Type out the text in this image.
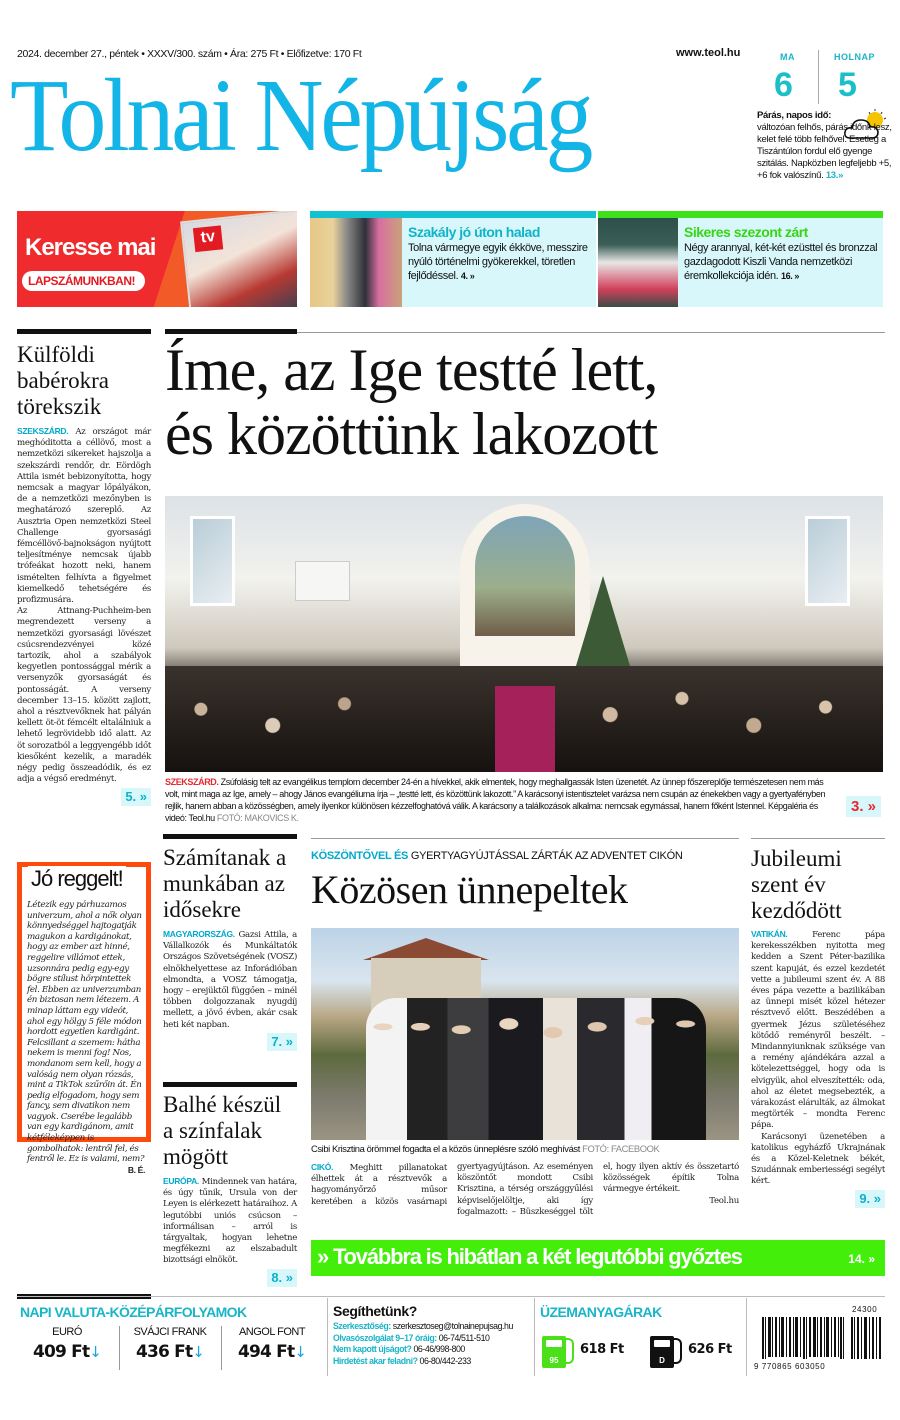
2024. december 27., péntek • XXXV/300. szám • Ára: 275 Ft • Előfizetve: 170 Ft	www.teol.hu
Tolnai Népújság
MA
6
HOLNAP
5
Párás, napos idő:
változóan felhős, párás időnk lesz, kelet felé több felhővel. Esetleg a Tiszántúlon fordul elő gyenge szitálás. Napközben legfeljebb +5, +6 fok valószínű. 13.»
tv
Keresse mai
LAPSZÁMUNKBAN!
Szakály jó úton halad
Tolna vármegye egyik ékköve, messzire nyúló történelmi gyökerekkel, töretlen fejlődéssel. 4. »
Sikeres szezont zárt
Négy arannyal, két-két ezüsttel és bronzzal gazdagodott Kiszli Vanda nemzetközi éremkollekciója idén. 16. »
Külföldi babérokra törekszik
SZEKSZÁRD. Az országot már meghóditotta a céllövő, most a nemzetközi sikereket hajszolja a szekszárdi rendőr, dr. Eördögh Attila ismét bebizonyította, hogy nemcsak a magyar lőpályákon, de a nemzetközi mezőnyben is meghatározó szereplő. Az Ausztria Open nemzetközi Steel Challenge gyorsasági fémcéllövő-bajnokságon nyújtott teljesítménye nemcsak újabb trófeákat hozott neki, hanem ismételten felhívta a figyelmet kiemelkedő tehetségére és profizmusára.
Az Attnang-Puchheim-ben megrendezett verseny a nemzetközi gyorsasági lövészet csúcsrendezvényei közé tartozik, ahol a szabályok kegyetlen pontossággal mérik a versenyzők gyorsaságát és pontosságát. A verseny december 13–15. között zajlott, ahol a résztvevőknek hat pályán kellett öt-öt fémcélt eltalálniuk a lehető legrövidebb idő alatt. Az öt sorozatból a leggyengébb időt kiesőként kezelik, a maradék négy pedig összeadódik, és ez adja a végső eredményt.
5. »
Íme, az Ige testté lett,
és közöttünk lakozott
SZEKSZÁRD. Zsúfolásig telt az evangélikus templom december 24-én a hívekkel, akik elmentek, hogy meghallgassák Isten üzenetét. Az ünnep főszereplője természetesen nem más volt, mint maga az Ige, amely – ahogy János evangéliuma írja – „testté lett, és közöttünk lakozott.” A karácsonyi istentisztelet varázsa nem csupán az énekekben vagy a gyertyafényben rejlik, hanem abban a közösségben, amely ilyenkor különösen kézzelfoghatóvá válik. A karácsony a találkozások alkalma: nemcsak egymással, hanem főként Istennel. Képgaléria és videó: Teol.hu FOTÓ: MAKOVICS K.
3. »
Jó reggelt!
Létezik egy párhuzamos univerzum, ahol a nők olyan könnyedséggel hajtogatják magukon a kardigánokat, hogy az ember azt hinné, reggelire villámot ettek, uzsonnára pedig egy-egy bögre stílust hörpintettek fel. Ebben az univerzumban én biztosan nem létezem. A minap láttam egy videót, ahol egy hölgy 5 féle módon hordott egyetlen kardigánt. Felcsillant a szemem: hátha nekem is menni fog! Nos, mondanom sem kell, hogy a valóság nem olyan rózsás, mint a TikTok szűrőin át. Én pedig elfogadom, hogy sem fancy, sem divatikon nem vagyok. Cserébe legalább van egy kardigánom, amit kétféleképpen is gombolhatok: lentről fel, és fentről le. Ez is valami, nem?
B. É.
Számítanak a munkában az idősekre
MAGYARORSZÁG. Gazsi Attila, a Vállalkozók és Munkáltatók Országos Szövetségének (VOSZ) elnökhelyettese az Inforádióban elmondta, a VOSZ támogatja, hogy – erejüktől függően – minél többen dolgozzanak nyugdíj mellett, a jövő évben, akár csak heti két napban.
7. »
Balhé készül a színfalak mögött
EURÓPA. Mindennek van határa, és úgy tűnik, Ursula von der Leyen is elérkezett határaihoz. A legutóbbi uniós csúcson – informálisan – arról is tárgyaltak, hogyan lehetne megfékezni az elszabadult bizottsági elnököt.
8. »
KÖSZÖNTŐVEL ÉS GYERTYAGYÚJTÁSSAL ZÁRTÁK AZ ADVENTET CIKÓN
Közösen ünnepeltek
Csibi Krisztina örömmel fogadta el a közös ünneplésre szóló meghívást FOTÓ: FACEBOOK
CIKÓ. Meghitt pillanatokat élhettek át a résztvevők a hagyományőrző műsor keretében a közös vasárnapi gyertyagyújtáson. Az eseményen köszöntőt mondott Csibi Krisztina, a térség országgyűlési képviselőjelöltje, aki így fogalmazott: – Büszkeséggel tölt el, hogy ilyen aktív és összetartó közösségek építik Tolna vármegye értékeit.
Teol.hu
Jubileumi szent év kezdődött
VATIKÁN.	Ferenc pápa kerekesszékben nyitotta meg kedden a Szent Péter-bazilika szent kapuját, és ezzel kezdetét vette a jubileumi szent év. A 88 éves pápa vezette a bazilikában az ünnepi misét közel hétezer résztvevő előtt. Beszédében a gyermek Jézus születéséhez kötődő reményről beszélt. – Mindannyiunknak szüksége van a remény ajándékára azzal a kötelezettséggel, hogy oda is elvigyük, ahol elveszítették: oda, ahol az életet megsebezték, a várakozást elárulták, az álmokat megtörték – mondta Ferenc pápa.
Karácsonyi üzenetében a katolikus egyházfő Ukrajnának és a Közel-Keletnek békét, Szudánnak emberiességi segélyt kért.
9. »
» Továbbra is hibátlan a két legutóbbi győztes	14. »
NAPI VALUTA-KÖZÉPÁRFOLYAMOK
EURÓ
409 Ft↓
SVÁJCI FRANK
436 Ft↓
ANGOL FONT
494 Ft↓
Segíthetünk?
Szerkesztőség: szerkesztoseg@tolnainepujsag.hu
Olvasószolgálat 9–17 óráig: 06-74/511-510
Nem kapott újságot? 06-46/998-800
Hirdetést akar feladni? 06-80/442-233
ÜZEMANYAGÁRAK
95
618 Ft
D
626 Ft
9 770865 603050
24300
